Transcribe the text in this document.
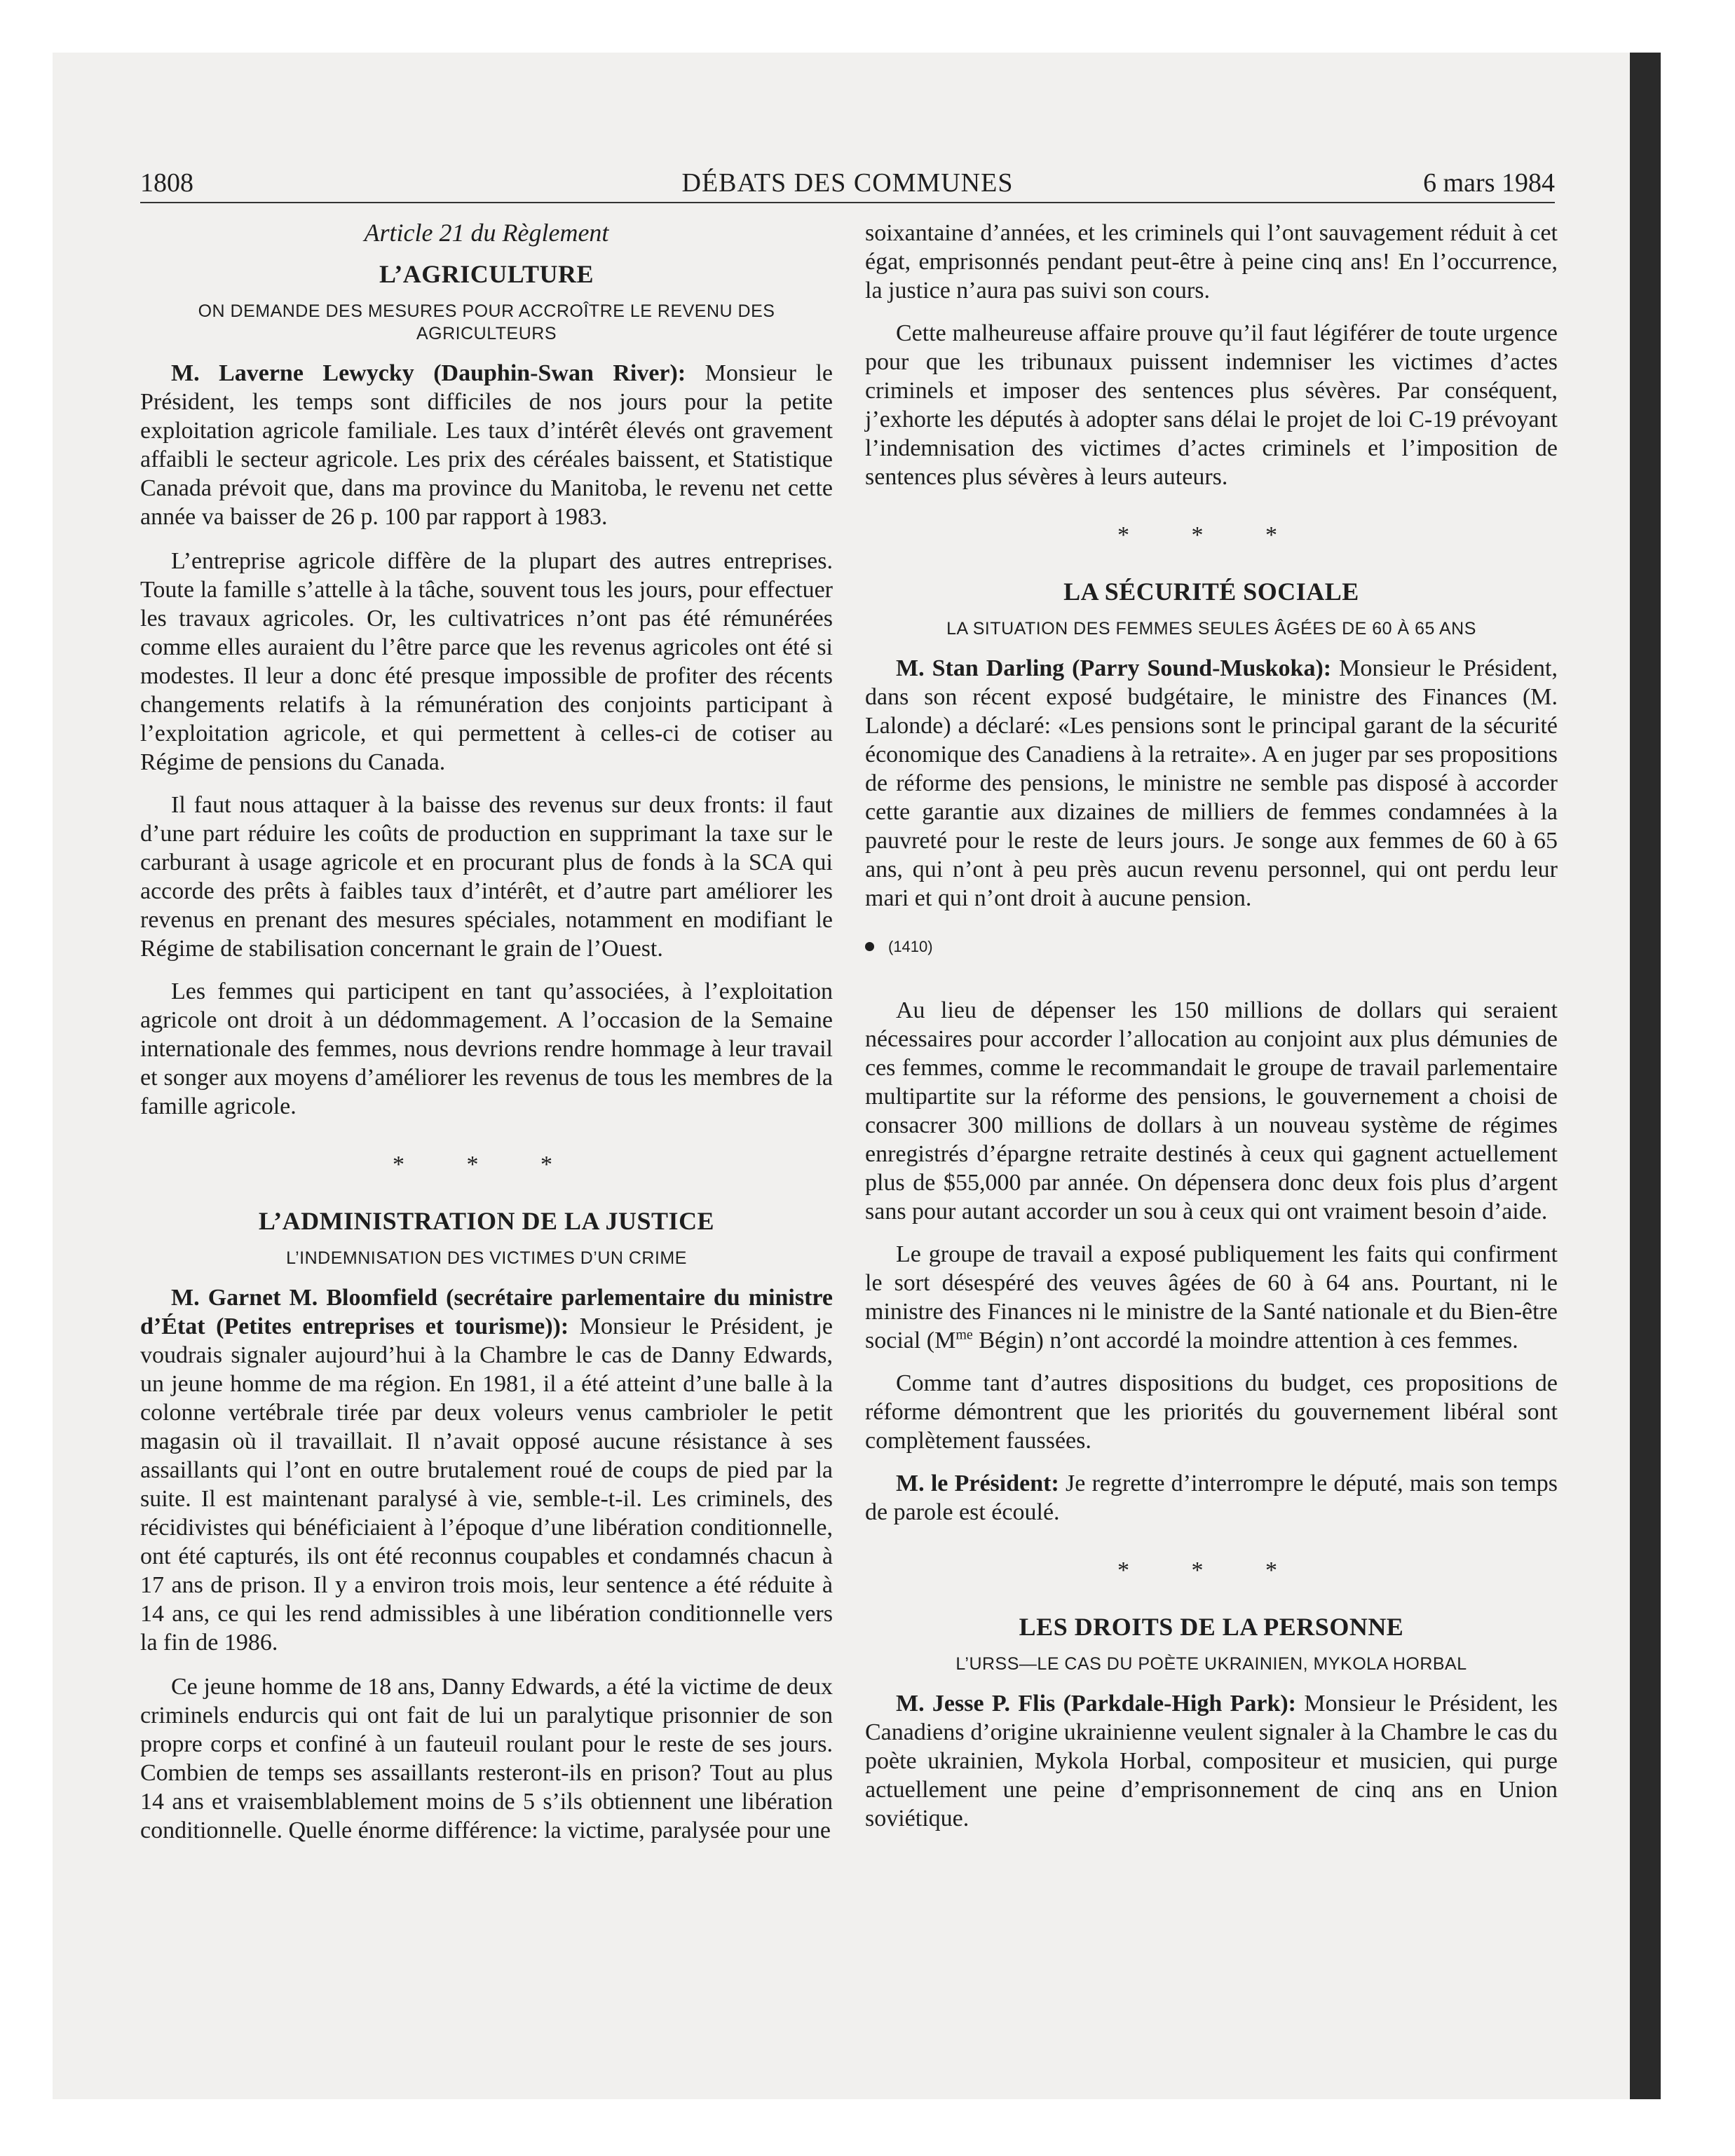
1808	DÉBATS DES COMMUNES	6 mars 1984
Article 21 du Règlement
L’AGRICULTURE
ON DEMANDE DES MESURES POUR ACCROÎTRE LE REVENU DES AGRICULTEURS

M. Laverne Lewycky (Dauphin-Swan River): Monsieur le Président, les temps sont difficiles de nos jours pour la petite exploitation agricole familiale. Les taux d’intérêt élevés ont gravement affaibli le secteur agricole. Les prix des céréales baissent, et Statistique Canada prévoit que, dans ma province du Manitoba, le revenu net cette année va baisser de 26 p. 100 par rapport à 1983.

L’entreprise agricole diffère de la plupart des autres entreprises. Toute la famille s’attelle à la tâche, souvent tous les jours, pour effectuer les travaux agricoles. Or, les cultivatrices n’ont pas été rémunérées comme elles auraient du l’être parce que les revenus agricoles ont été si modestes. Il leur a donc été presque impossible de profiter des récents changements relatifs à la rémunération des conjoints participant à l’exploitation agricole, et qui permettent à celles-ci de cotiser au Régime de pensions du Canada.

Il faut nous attaquer à la baisse des revenus sur deux fronts: il faut d’une part réduire les coûts de production en supprimant la taxe sur le carburant à usage agricole et en procurant plus de fonds à la SCA qui accorde des prêts à faibles taux d’intérêt, et d’autre part améliorer les revenus en prenant des mesures spéciales, notamment en modifiant le Régime de stabilisation concernant le grain de l’Ouest.

Les femmes qui participent en tant qu’associées, à l’exploitation agricole ont droit à un dédommagement. A l’occasion de la Semaine internationale des femmes, nous devrions rendre hommage à leur travail et songer aux moyens d’améliorer les revenus de tous les membres de la famille agricole.

* * *
L’ADMINISTRATION DE LA JUSTICE
L’INDEMNISATION DES VICTIMES D’UN CRIME

M. Garnet M. Bloomfield (secrétaire parlementaire du ministre d’État (Petites entreprises et tourisme)): Monsieur le Président, je voudrais signaler aujourd’hui à la Chambre le cas de Danny Edwards, un jeune homme de ma région. En 1981, il a été atteint d’une balle à la colonne vertébrale tirée par deux voleurs venus cambrioler le petit magasin où il travaillait. Il n’avait opposé aucune résistance à ses assaillants qui l’ont en outre brutalement roué de coups de pied par la suite. Il est maintenant paralysé à vie, semble-t-il. Les criminels, des récidivistes qui bénéficiaient à l’époque d’une libération conditionnelle, ont été capturés, ils ont été reconnus coupables et condamnés chacun à 17 ans de prison. Il y a environ trois mois, leur sentence a été réduite à 14 ans, ce qui les rend admissibles à une libération conditionnelle vers la fin de 1986.

Ce jeune homme de 18 ans, Danny Edwards, a été la victime de deux criminels endurcis qui ont fait de lui un paralytique prisonnier de son propre corps et confiné à un fauteuil roulant pour le reste de ses jours. Combien de temps ses assaillants resteront-ils en prison? Tout au plus 14 ans et vraisemblablement moins de 5 s’ils obtiennent une libération conditionnelle. Quelle énorme différence: la victime, paralysée pour une

soixantaine d’années, et les criminels qui l’ont sauvagement réduit à cet égat, emprisonnés pendant peut-être à peine cinq ans! En l’occurrence, la justice n’aura pas suivi son cours.

Cette malheureuse affaire prouve qu’il faut légiférer de toute urgence pour que les tribunaux puissent indemniser les victimes d’actes criminels et imposer des sentences plus sévères. Par conséquent, j’exhorte les députés à adopter sans délai le projet de loi C-19 prévoyant l’indemnisation des victimes d’actes criminels et l’imposition de sentences plus sévères à leurs auteurs.

* * *
LA SÉCURITÉ SOCIALE
LA SITUATION DES FEMMES SEULES ÂGÉES DE 60 À 65 ANS

M. Stan Darling (Parry Sound-Muskoka): Monsieur le Président, dans son récent exposé budgétaire, le ministre des Finances (M. Lalonde) a déclaré: «Les pensions sont le principal garant de la sécurité économique des Canadiens à la retraite». A en juger par ses propositions de réforme des pensions, le ministre ne semble pas disposé à accorder cette garantie aux dizaines de milliers de femmes condamnées à la pauvreté pour le reste de leurs jours. Je songe aux femmes de 60 à 65 ans, qui n’ont à peu près aucun revenu personnel, qui ont perdu leur mari et qui n’ont droit à aucune pension.

(1410)

Au lieu de dépenser les 150 millions de dollars qui seraient nécessaires pour accorder l’allocation au conjoint aux plus démunies de ces femmes, comme le recommandait le groupe de travail parlementaire multipartite sur la réforme des pensions, le gouvernement a choisi de consacrer 300 millions de dollars à un nouveau système de régimes enregistrés d’épargne retraite destinés à ceux qui gagnent actuellement plus de $55,000 par année. On dépensera donc deux fois plus d’argent sans pour autant accorder un sou à ceux qui ont vraiment besoin d’aide.

Le groupe de travail a exposé publiquement les faits qui confirment le sort désespéré des veuves âgées de 60 à 64 ans. Pourtant, ni le ministre des Finances ni le ministre de la Santé nationale et du Bien-être social ($M^{me}$ Bégin) n’ont accordé la moindre attention à ces femmes.

Comme tant d’autres dispositions du budget, ces propositions de réforme démontrent que les priorités du gouvernement libéral sont complètement faussées.

M. le Président: Je regrette d’interrompre le député, mais son temps de parole est écoulé.

* * *
LES DROITS DE LA PERSONNE
L’URSS—LE CAS DU POÈTE UKRAINIEN, MYKOLA HORBAL

M. Jesse P. Flis (Parkdale-High Park): Monsieur le Président, les Canadiens d’origine ukrainienne veulent signaler à la Chambre le cas du poète ukrainien, Mykola Horbal, compositeur et musicien, qui purge actuellement une peine d’emprisonnement de cinq ans en Union soviétique.
